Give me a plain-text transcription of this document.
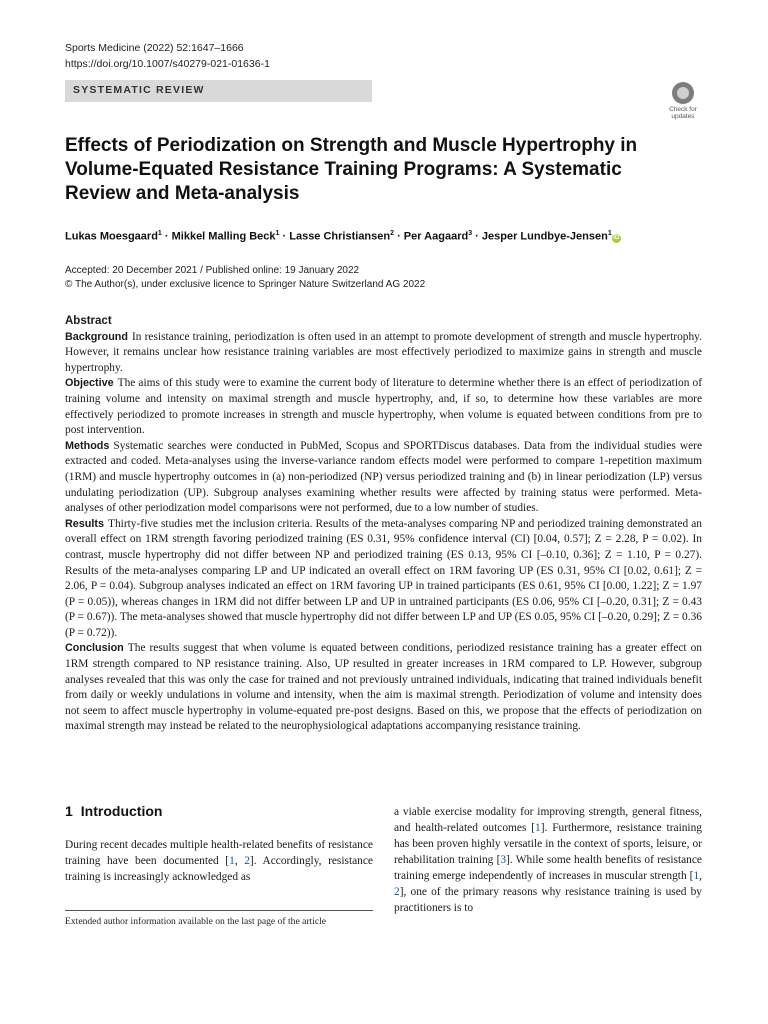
Sports Medicine (2022) 52:1647–1666
https://doi.org/10.1007/s40279-021-01636-1
SYSTEMATIC REVIEW
Check for
updates
Effects of Periodization on Strength and Muscle Hypertrophy in Volume-Equated Resistance Training Programs: A Systematic Review and Meta-analysis
Lukas Moesgaard$^1$ · Mikkel Malling Beck$^1$ · Lasse Christiansen$^2$ · Per Aagaard$^3$ · Jesper Lundbye-Jensen$^1$iD
Accepted: 20 December 2021 / Published online: 19 January 2022
© The Author(s), under exclusive licence to Springer Nature Switzerland AG 2022

Abstract

Background In resistance training, periodization is often used in an attempt to promote development of strength and muscle hypertrophy. However, it remains unclear how resistance training variables are most effectively periodized to maximize gains in strength and muscle hypertrophy.

Objective The aims of this study were to examine the current body of literature to determine whether there is an effect of periodization of training volume and intensity on maximal strength and muscle hypertrophy, and, if so, to determine how these variables are more effectively periodized to promote increases in strength and muscle hypertrophy, when volume is equated between conditions from pre to post intervention.

Methods Systematic searches were conducted in PubMed, Scopus and SPORTDiscus databases. Data from the individual studies were extracted and coded. Meta-analyses using the inverse-variance random effects model were performed to compare 1-repetition maximum (1RM) and muscle hypertrophy outcomes in (a) non-periodized (NP) versus periodized training and (b) in linear periodization (LP) versus undulating periodization (UP). Subgroup analyses examining whether results were affected by training status were performed. Meta-analyses of other periodization model comparisons were not performed, due to a low number of studies.

Results Thirty-five studies met the inclusion criteria. Results of the meta-analyses comparing NP and periodized training demonstrated an overall effect on 1RM strength favoring periodized training (ES 0.31, 95% confidence interval (CI) [0.04, 0.57]; Z = 2.28, P = 0.02). In contrast, muscle hypertrophy did not differ between NP and periodized training (ES 0.13, 95% CI [–0.10, 0.36]; Z = 1.10, P = 0.27). Results of the meta-analyses comparing LP and UP indicated an overall effect on 1RM favoring UP (ES 0.31, 95% CI [0.02, 0.61]; Z = 2.06, P = 0.04). Subgroup analyses indicated an effect on 1RM favoring UP in trained participants (ES 0.61, 95% CI [0.00, 1.22]; Z = 1.97 (P = 0.05)), whereas changes in 1RM did not differ between LP and UP in untrained participants (ES 0.06, 95% CI [–0.20, 0.31]; Z = 0.43 (P = 0.67)). The meta-analyses showed that muscle hypertrophy did not differ between LP and UP (ES 0.05, 95% CI [–0.20, 0.29]; Z = 0.36 (P = 0.72)).

Conclusion The results suggest that when volume is equated between conditions, periodized resistance training has a greater effect on 1RM strength compared to NP resistance training. Also, UP resulted in greater increases in 1RM compared to LP. However, subgroup analyses revealed that this was only the case for trained and not previously untrained individuals, indicating that trained individuals benefit from daily or weekly undulations in volume and intensity, when the aim is maximal strength. Periodization of volume and intensity does not seem to affect muscle hypertrophy in volume-equated pre-post designs. Based on this, we propose that the effects of periodization on maximal strength may instead be related to the neurophysiological adaptations accompanying resistance training.

1 Introduction

During recent decades multiple health-related benefits of resistance training have been documented [1, 2]. Accordingly, resistance training is increasingly acknowledged as

a viable exercise modality for improving strength, general fitness, and health-related outcomes [1]. Furthermore, resistance training has been proven highly versatile in the context of sports, leisure, or rehabilitation training [3]. While some health benefits of resistance training emerge independently of increases in muscular strength [1, 2], one of the primary reasons why resistance training is used by practitioners is to

Extended author information available on the last page of the article
